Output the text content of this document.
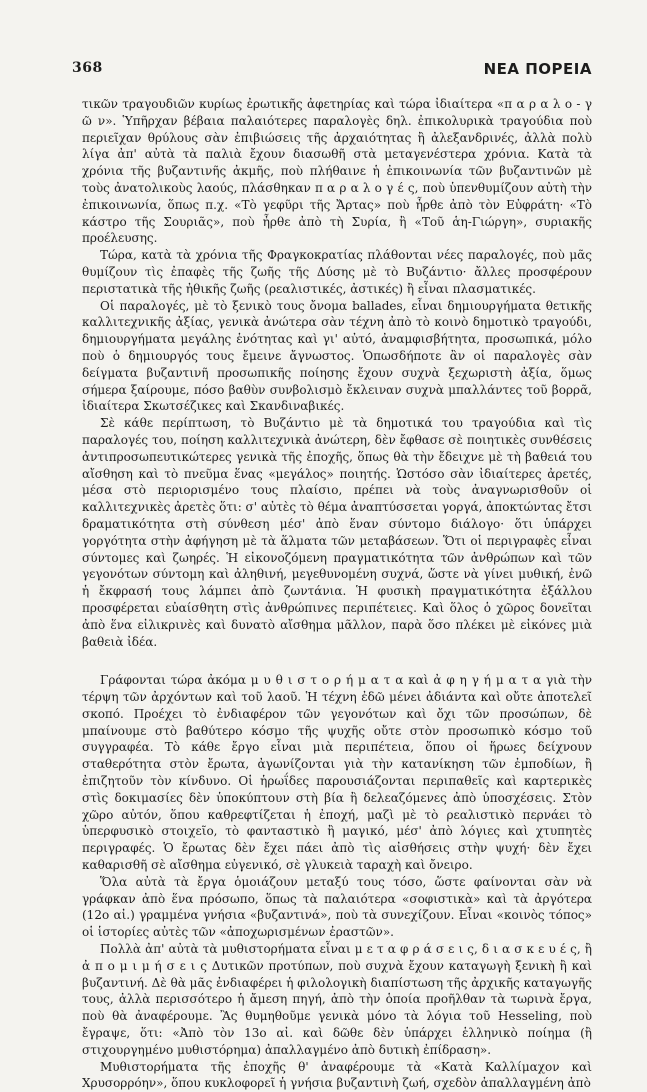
368	ΝΕΑ ΠΟΡΕΙΑ

τικῶν τραγουδιῶν κυρίως ἐρωτικῆς ἀφετηρίας καὶ τώρα ἰδιαίτερα «π α ρ α λ ο - γ ῶ ν». Ὑπῆρχαν βέβαια παλαιότερες παραλογὲς δηλ. ἐπικολυρικὰ τραγούδια ποὺ περιεῖχαν θρύλους σὰν ἐπιβιώσεις τῆς ἀρχαιότητας ἢ ἀλεξανδρινές, ἀλλὰ πολὺ λίγα ἀπ' αὐτὰ τὰ παλιὰ ἔχουν διασωθῆ στὰ μεταγενέστερα χρόνια. Κατὰ τὰ χρόνια τῆς βυζαντινῆς ἀκμῆς, ποὺ πλήθαινε ἡ ἐπικοινωνία τῶν βυζαντινῶν μὲ τοὺς ἀνατολικοὺς λαούς, πλάσθηκαν π α ρ α λ ο γ έ ς, ποὺ ὑπενθυμίζουν αὐτὴ τὴν ἐπικοινωνία, ὅπως π.χ. «Τὸ γεφῦρι τῆς Ἄρτας» ποὺ ἦρθε ἀπὸ τὸν Εὐφράτη· «Τὸ κάστρο τῆς Σουριᾶς», ποὺ ἦρθε ἀπὸ τὴ Συρία, ἢ «Τοῦ ἁη-Γιώργη», συριακῆς προέλευσης.

Τώρα, κατὰ τὰ χρόνια τῆς Φραγκοκρατίας πλάθονται νέες παραλογές, ποὺ μᾶς θυμίζουν τὶς ἐπαφὲς τῆς ζωῆς τῆς Δύσης μὲ τὸ Βυζάντιο· ἄλλες προσφέρουν περιστατικὰ τῆς ἠθικῆς ζωῆς (ρεαλιστικές, ἀστικές) ἢ εἶναι πλασματικές.

Οἱ παραλογές, μὲ τὸ ξενικὸ τους ὄνομα ballades, εἶναι δημιουργήματα θετικῆς καλλιτεχνικῆς ἀξίας, γενικὰ ἀνώτερα σὰν τέχνη ἀπὸ τὸ κοινὸ δημοτικὸ τραγούδι, δημιουργήματα μεγάλης ἑνότητας καὶ γι' αὐτό, ἀναμφισβήτητα, προσωπικά, μόλο ποὺ ὁ δημιουργός τους ἔμεινε ἄγνωστος. Ὁπωσδήποτε ἂν οἱ παραλογὲς σὰν δείγματα βυζαντινῆ προσωπικῆς ποίησης ἔχουν συχνὰ ξεχωριστὴ ἀξία, ὅμως σήμερα ξαίρουμε, πόσο βαθὺν συνβολισμὸ ἔκλειναν συχνὰ μπαλλάντες τοῦ βορρᾶ, ἰδιαίτερα Σκωτσέζικες καὶ Σκανδιναβικές.

Σὲ κάθε περίπτωση, τὸ Βυζάντιο μὲ τὰ δημοτικά του τραγούδια καὶ τὶς παραλογές του, ποίηση καλλιτεχνικὰ ἀνώτερη, δὲν ἔφθασε σὲ ποιητικὲς συνθέσεις ἀντιπροσωπευτικώτερες γενικὰ τῆς ἐποχῆς, ὅπως θὰ τὴν ἔδειχνε μὲ τὴ βαθειά του αἴσθηση καὶ τὸ πνεῦμα ἕνας «μεγάλος» ποιητής. Ὡστόσο σὰν ἰδιαίτερες ἀρετές, μέσα στὸ περιορισμένο τους πλαίσιο, πρέπει νὰ τοὺς ἀναγνωρισθοῦν οἱ καλλιτεχνικὲς ἀρετὲς ὅτι: σ' αὐτὲς τὸ θέμα ἀναπτύσσεται γοργά, ἀποκτώντας ἔτσι δραματικότητα στὴ σύνθεση μέσ' ἀπὸ ἕναν σύντομο διάλογο· ὅτι ὑπάρχει γοργότητα στὴν ἀφήγηση μὲ τὰ ἅλματα τῶν μεταβάσεων. Ὅτι οἱ περιγραφὲς εἶναι σύντομες καὶ ζωηρές. Ἡ εἰκονοζόμενη πραγματικότητα τῶν ἀνθρώπων καὶ τῶν γεγονότων σύντομη καὶ ἀληθινή, μεγεθυνομένη συχνά, ὥστε νὰ γίνει μυθική, ἐνῶ ἡ ἔκφρασή τους λάμπει ἀπὸ ζωντάνια. Ἡ φυσικὴ πραγματικότητα ἐξάλλου προσφέρεται εὐαίσθητη στὶς ἀνθρώπινες περιπέτειες. Καὶ ὅλος ὁ χῶρος δονεῖται ἀπὸ ἕνα εἰλικρινὲς καὶ δυνατὸ αἴσθημα μᾶλλον, παρὰ ὅσο πλέκει μὲ εἰκόνες μιὰ βαθειὰ ἰδέα.

Γράφονται τώρα ἀκόμα μ υ θ ι σ τ ο ρ ή μ α τ α καὶ ἀ φ η γ ή μ α τ α γιὰ τὴν τέρψη τῶν ἀρχόντων καὶ τοῦ λαοῦ. Ἡ τέχνη ἐδῶ μένει ἀδιάντα καὶ οὔτε ἀποτελεῖ σκοπό. Προέχει τὸ ἐνδιαφέρον τῶν γεγονότων καὶ ὄχι τῶν προσώπων, δὲ μπαίνουμε στὸ βαθύτερο κόσμο τῆς ψυχῆς οὔτε στὸν προσωπικὸ κόσμο τοῦ συγγραφέα. Τὸ κάθε ἔργο εἶναι μιὰ περιπέτεια, ὅπου οἱ ἥρωες δείχνουν σταθερότητα στὸν ἔρωτα, ἀγωνίζονται γιὰ τὴν κατανίκηση τῶν ἐμποδίων, ἢ ἐπιζητοῦν τὸν κίνδυνο. Οἱ ἡρωΐδες παρουσιάζονται περιπαθεῖς καὶ καρτερικὲς στὶς δοκιμασίες δὲν ὑποκύπτουν στὴ βία ἢ δελεαζόμενες ἀπὸ ὑποσχέσεις. Στὸν χῶρο αὐτόν, ὅπου καθρεφτίζεται ἡ ἐποχή, μαζὶ μὲ τὸ ρεαλιστικὸ περνάει τὸ ὑπερφυσικὸ στοιχεῖο, τὸ φανταστικὸ ἢ μαγικό, μέσ' ἀπὸ λόγιες καὶ χτυπητὲς περιγραφές. Ὁ ἔρωτας δὲν ἔχει πάει ἀπὸ τὶς αἰσθήσεις στὴν ψυχή· δὲν ἔχει καθαρισθῆ σὲ αἴσθημα εὐγενικό, σὲ γλυκειὰ ταραχὴ καὶ ὄνειρο.

Ὅλα αὐτὰ τὰ ἔργα ὁμοιάζουν μεταξύ τους τόσο, ὥστε φαίνονται σὰν νὰ γράφκαν ἀπὸ ἕνα πρόσωπο, ὅπως τὰ παλαιότερα «σοφιστικὰ» καὶ τὰ ἀργότερα (12ο αἰ.) γραμμένα γνήσια «βυζαντινά», ποὺ τὰ συνεχίζουν. Εἶναι «κοινὸς τόπος» οἱ ἱστορίες αὐτὲς τῶν «ἀποχωρισμένων ἐραστῶν».

Πολλὰ ἀπ' αὐτὰ τὰ μυθιστορήματα εἶναι μ ε τ α φ ρ ά σ ε ι ς, δ ι α σ κ ε υ έ ς, ἢ ἀ π ο μ ι μ ή σ ε ι ς Δυτικῶν προτύπων, ποὺ συχνὰ ἔχουν καταγωγὴ ξενικὴ ἢ καὶ βυζαντινή. Δὲ θὰ μᾶς ἐνδιαφέρει ἡ φιλολογικὴ διαπίστωση τῆς ἀρχικῆς καταγωγῆς τους, ἀλλὰ περισσότερο ἡ ἄμεση πηγή, ἀπὸ τὴν ὁποία προῆλθαν τὰ τωρινὰ ἔργα, ποὺ θὰ ἀναφέρουμε. Ἂς θυμηθοῦμε γενικὰ μόνο τὰ λόγια τοῦ Hesseling, ποὺ ἔγραψε, ὅτι: «Ἀπὸ τὸν 13ο αἰ. καὶ δῶθε δὲν ὑπάρχει ἑλληνικὸ ποίημα (ἢ στιχουργημένο μυθιστόρημα) ἀπαλλαγμένο ἀπὸ δυτικὴ ἐπίδραση».

Μυθιστορήματα τῆς ἐποχῆς θ' ἀναφέρουμε τὰ «Κατὰ Καλλίμαχον καὶ Χρυσορρόην», ὅπου κυκλοφορεῖ ἡ γνήσια βυζαντινὴ ζωή, σχεδὸν ἀπαλλαγμένη ἀπὸ
